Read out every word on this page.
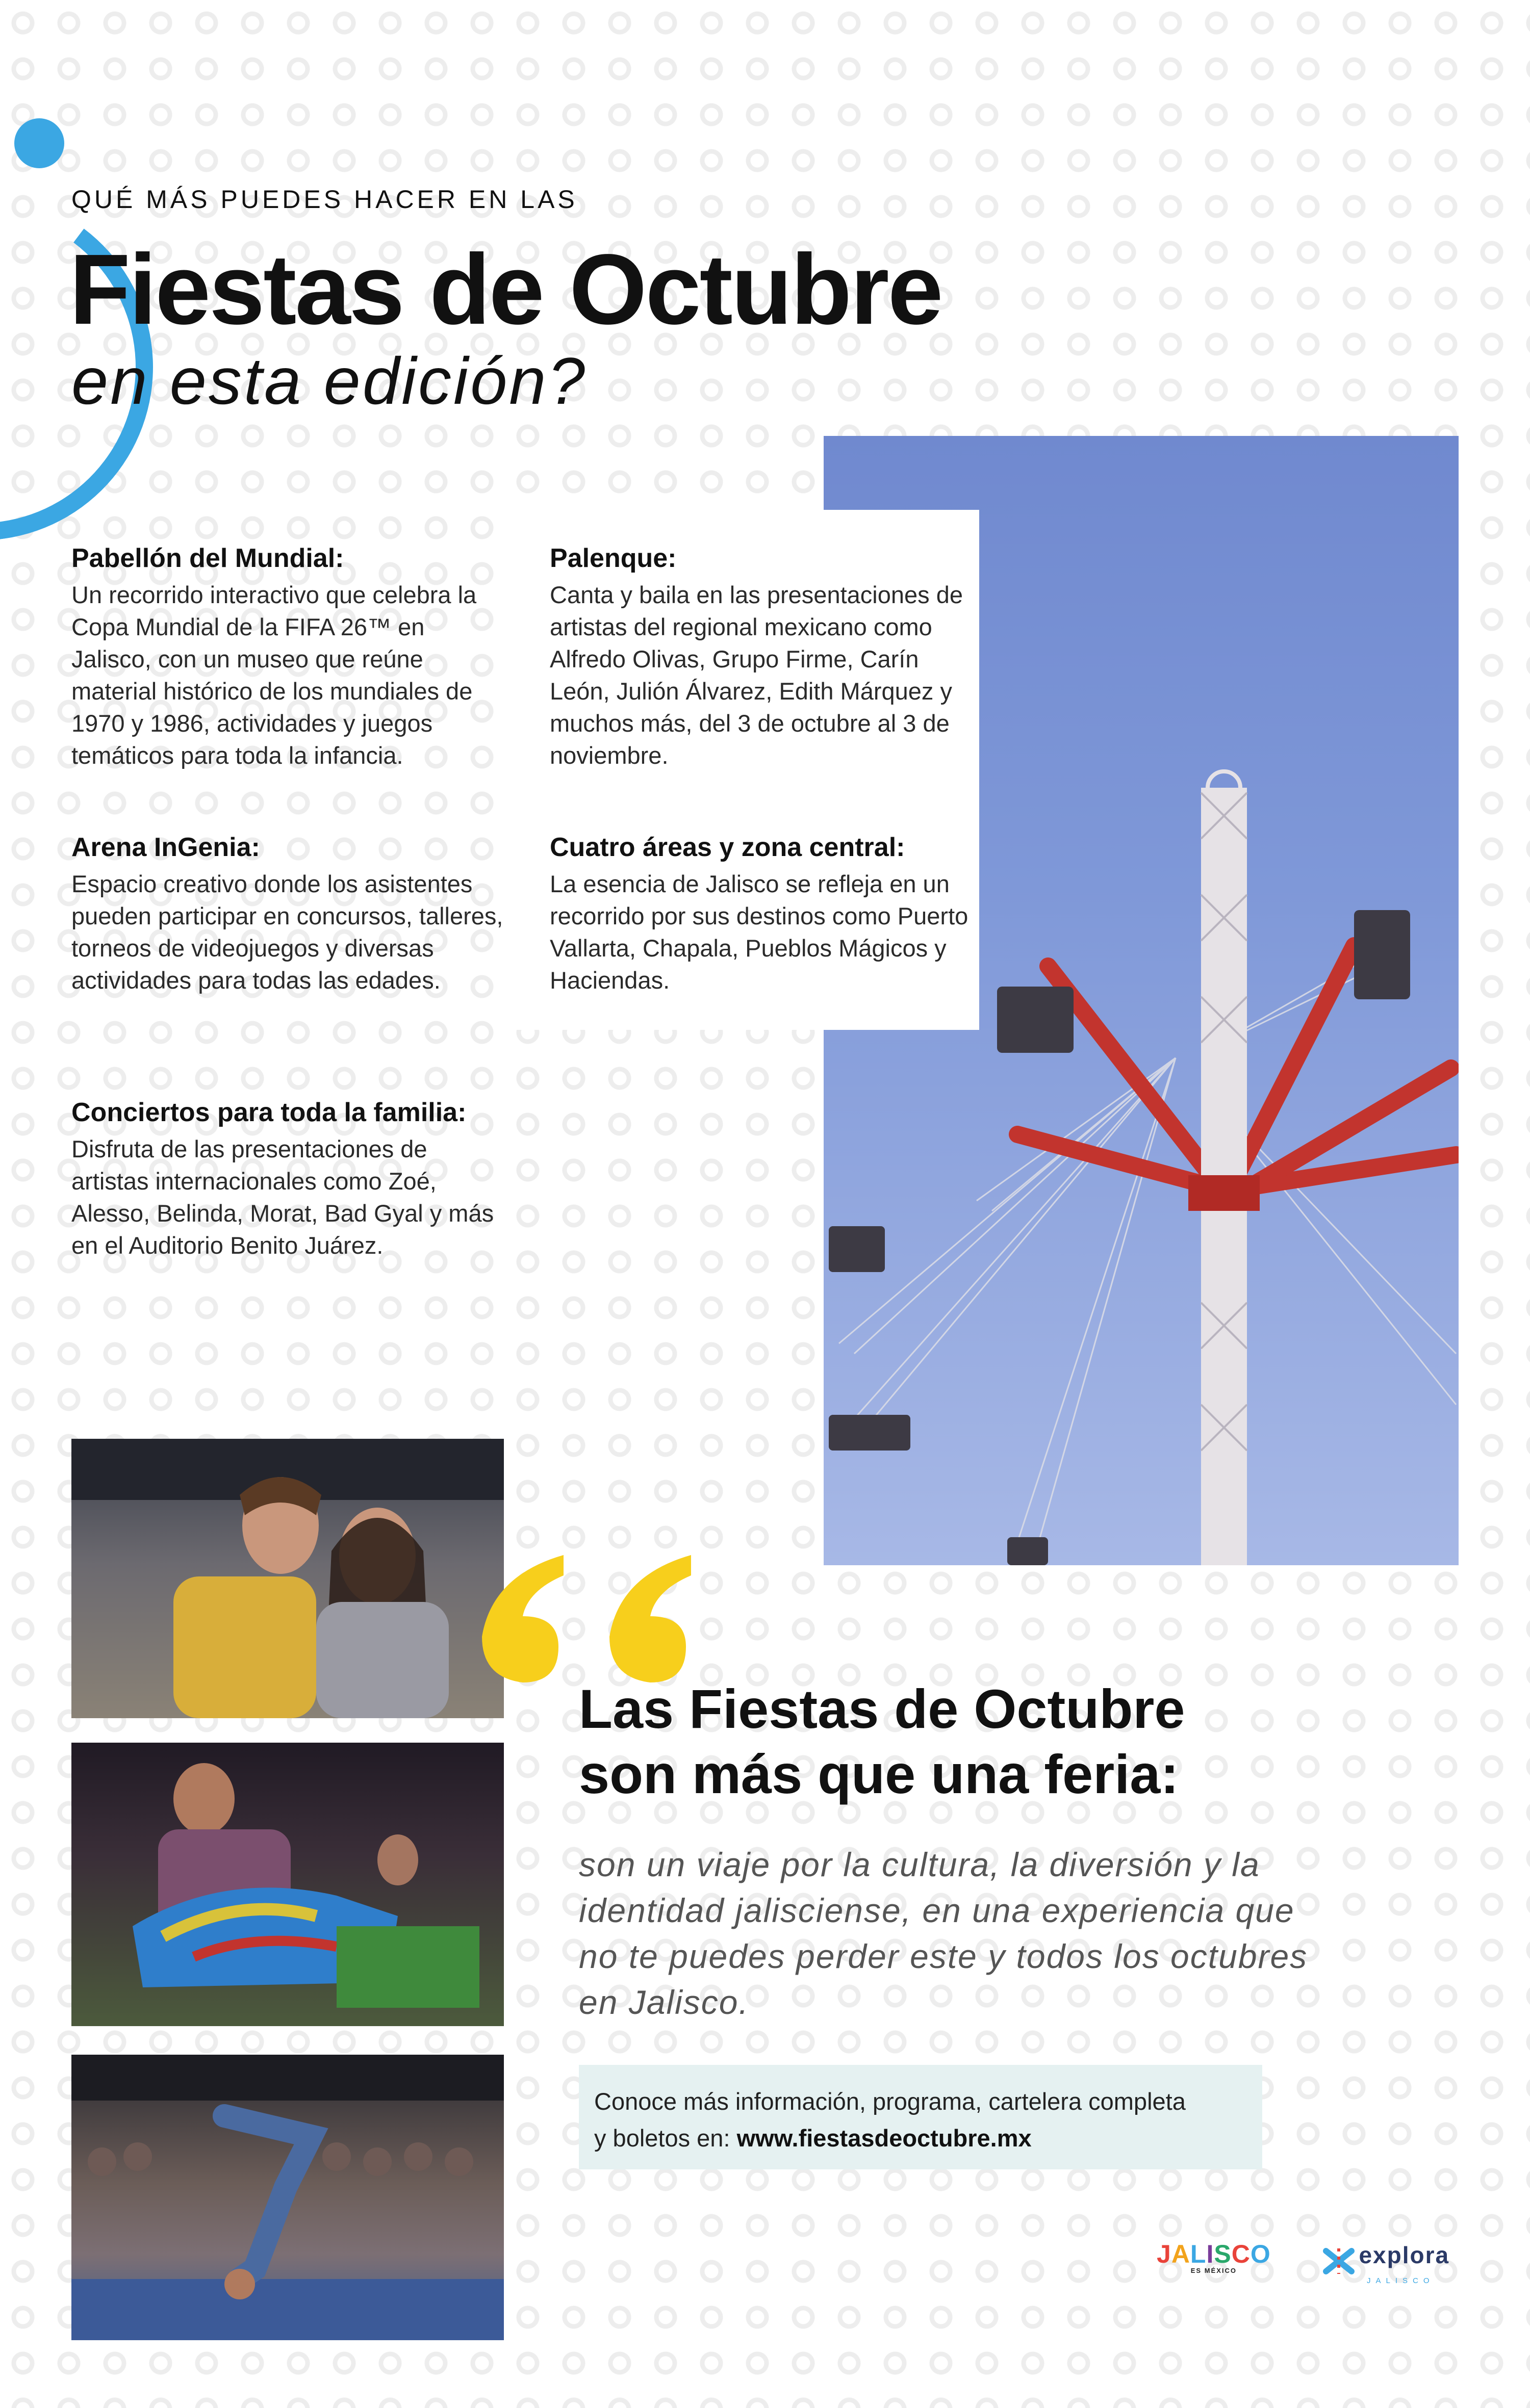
QUÉ MÁS PUEDES HACER EN LAS
Fiestas de Octubre
en esta edición?
Pabellón del Mundial:

Un recorrido interactivo que celebra la Copa Mundial de la FIFA 26™ en Jalisco, con un museo que reúne material histórico de los mundiales de 1970 y 1986, actividades y juegos temáticos para toda la infancia.

Palenque:

Canta y baila en las presentaciones de artistas del regional mexicano como Alfredo Olivas, Grupo Firme, Carín León, Julión Álvarez, Edith Márquez y muchos más, del 3 de octubre al 3 de noviembre.

Arena InGenia:

Espacio creativo donde los asistentes pueden participar en concursos, talleres, torneos de videojuegos y diversas actividades para todas las edades.

Cuatro áreas y zona central:

La esencia de Jalisco se refleja en un recorrido por sus destinos como Puerto Vallarta, Chapala, Pueblos Mágicos y Haciendas.

Conciertos para toda la familia:

Disfruta de las presentaciones de artistas internacionales como Zoé, Alesso, Belinda, Morat, Bad Gyal y más en el Auditorio Benito Juárez.

Las Fiestas de Octubre
son más que una feria:
son un viaje por la cultura, la diversión y la identidad jalisciense, en una experiencia que no te puedes perder este y todos los octubres en Jalisco.
Conoce más información, programa, cartelera completa
y boletos en: www.fiestasdeoctubre.mx
JALISCO
ES MÉXICO
explora
JALISCO
